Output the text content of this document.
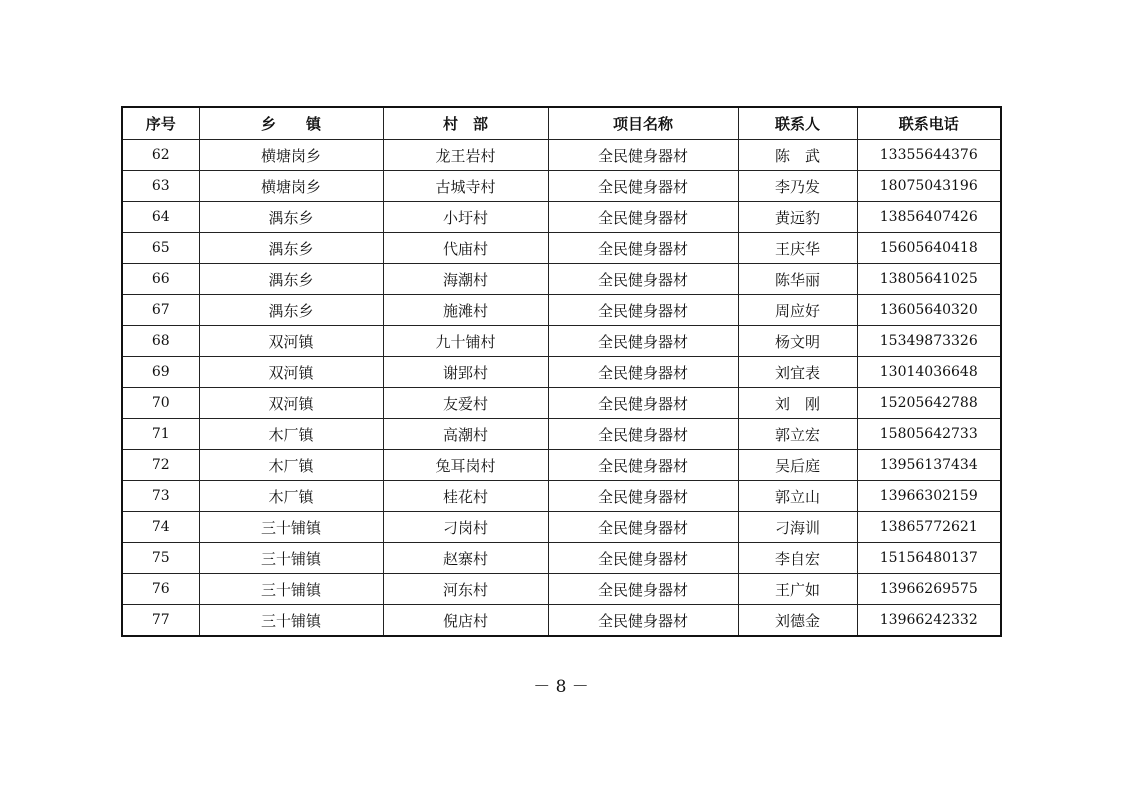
序号	乡　　镇	村　部	项目名称	联系人	联系电话
62	横塘岗乡	龙王岩村	全民健身器材	陈　武	13355644376
63	横塘岗乡	古城寺村	全民健身器材	李乃发	18075043196
64	湡东乡	小圩村	全民健身器材	黄远豹	13856407426
65	湡东乡	代庙村	全民健身器材	王庆华	15605640418
66	湡东乡	海潮村	全民健身器材	陈华丽	13805641025
67	湡东乡	施滩村	全民健身器材	周应好	13605640320
68	双河镇	九十铺村	全民健身器材	杨文明	15349873326
69	双河镇	谢郢村	全民健身器材	刘宜表	13014036648
70	双河镇	友爱村	全民健身器材	刘　刚	15205642788
71	木厂镇	高潮村	全民健身器材	郭立宏	15805642733
72	木厂镇	兔耳岗村	全民健身器材	吴后庭	13956137434
73	木厂镇	桂花村	全民健身器材	郭立山	13966302159
74	三十铺镇	刁岗村	全民健身器材	刁海训	13865772621
75	三十铺镇	赵寨村	全民健身器材	李自宏	15156480137
76	三十铺镇	河东村	全民健身器材	王广如	13966269575
77	三十铺镇	倪店村	全民健身器材	刘德金	13966242332
－ 8 －
